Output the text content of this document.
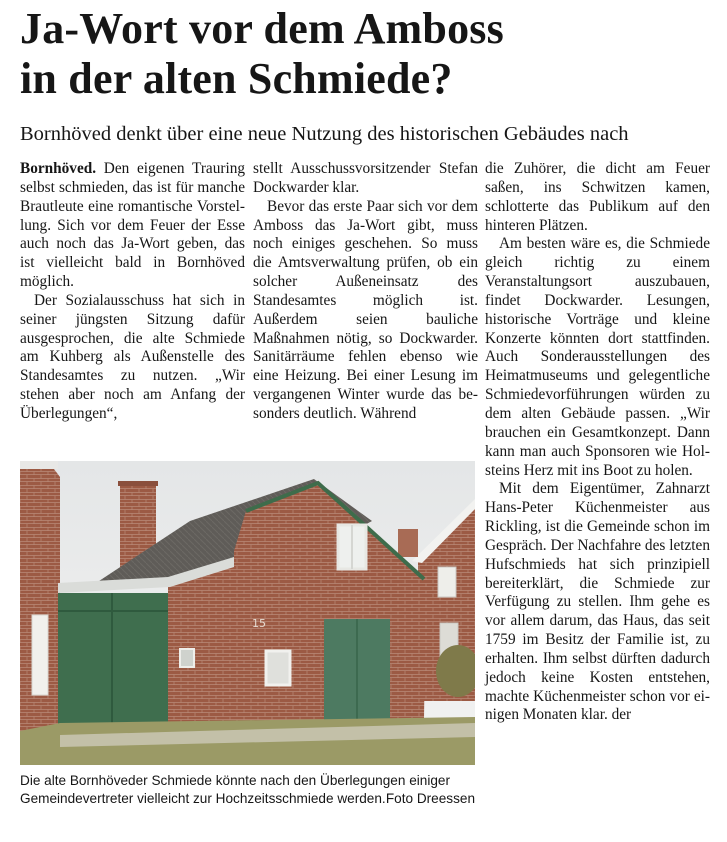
Ja-Wort vor dem Amboss
in der alten Schmiede?

Bornhöved denkt über eine neue Nutzung des historischen Gebäudes nach

Bornhöved. Den eigenen Trauring selbst schmieden, das ist für manche Brautleute eine romantische Vorstellung. Sich vor dem Feuer der Esse auch noch das Ja-Wort geben, das ist vielleicht bald in Bornhöved möglich.

Der Sozialausschuss hat sich in seiner jüngsten Sitzung dafür ausgesprochen, die alte Schmiede am Kuhberg als Außenstelle des Standesamtes zu nutzen. „Wir stehen aber noch am Anfang der Überlegungen“,

stellt Ausschussvorsitzender Stefan Dockwarder klar.

Bevor das erste Paar sich vor dem Amboss das Ja-Wort gibt, muss noch einiges geschehen. So muss die Amtsverwaltung prüfen, ob ein solcher Außeneinsatz des Standesamtes möglich ist. Außerdem seien bauliche Maßnahmen nötig, so Dockwarder. Sanitärräume fehlen ebenso wie eine Heizung. Bei einer Lesung im vergangenen Winter wurde das besonders deutlich. Während

die Zuhörer, die dicht am Feuer saßen, ins Schwitzen kamen, schlotterte das Publikum auf den hinteren Plätzen.

Am besten wäre es, die Schmiede gleich richtig zu einem Veranstaltungsort auszubauen, findet Dockwarder. Lesungen, historische Vorträge und kleine Konzerte könnten dort stattfinden. Auch Sonderausstellungen des Heimatmuseums und gelegentliche Schmiedevorführungen würden zu dem alten Gebäude passen. „Wir brauchen ein Gesamtkonzept. Dann kann man auch Sponsoren wie Holsteins Herz mit ins Boot zu holen.

Mit dem Eigentümer, Zahnarzt Hans-Peter Küchenmeister aus Rickling, ist die Gemeinde schon im Gespräch. Der Nachfahre des letzten Hufschmieds hat sich prinzipiell bereiterklärt, die Schmiede zur Verfügung zu stellen. Ihm gehe es vor allem darum, das Haus, das seit 1759 im Besitz der Familie ist, zu erhalten. Ihm selbst dürften dadurch jedoch keine Kosten entstehen, machte Küchenmeister schon vor einigen Monaten klar. der

15
Die alte Bornhöveder Schmiede könnte nach den Überlegungen einiger Gemeindevertreter vielleicht zur Hochzeitsschmiede werden. Foto Dreessen
